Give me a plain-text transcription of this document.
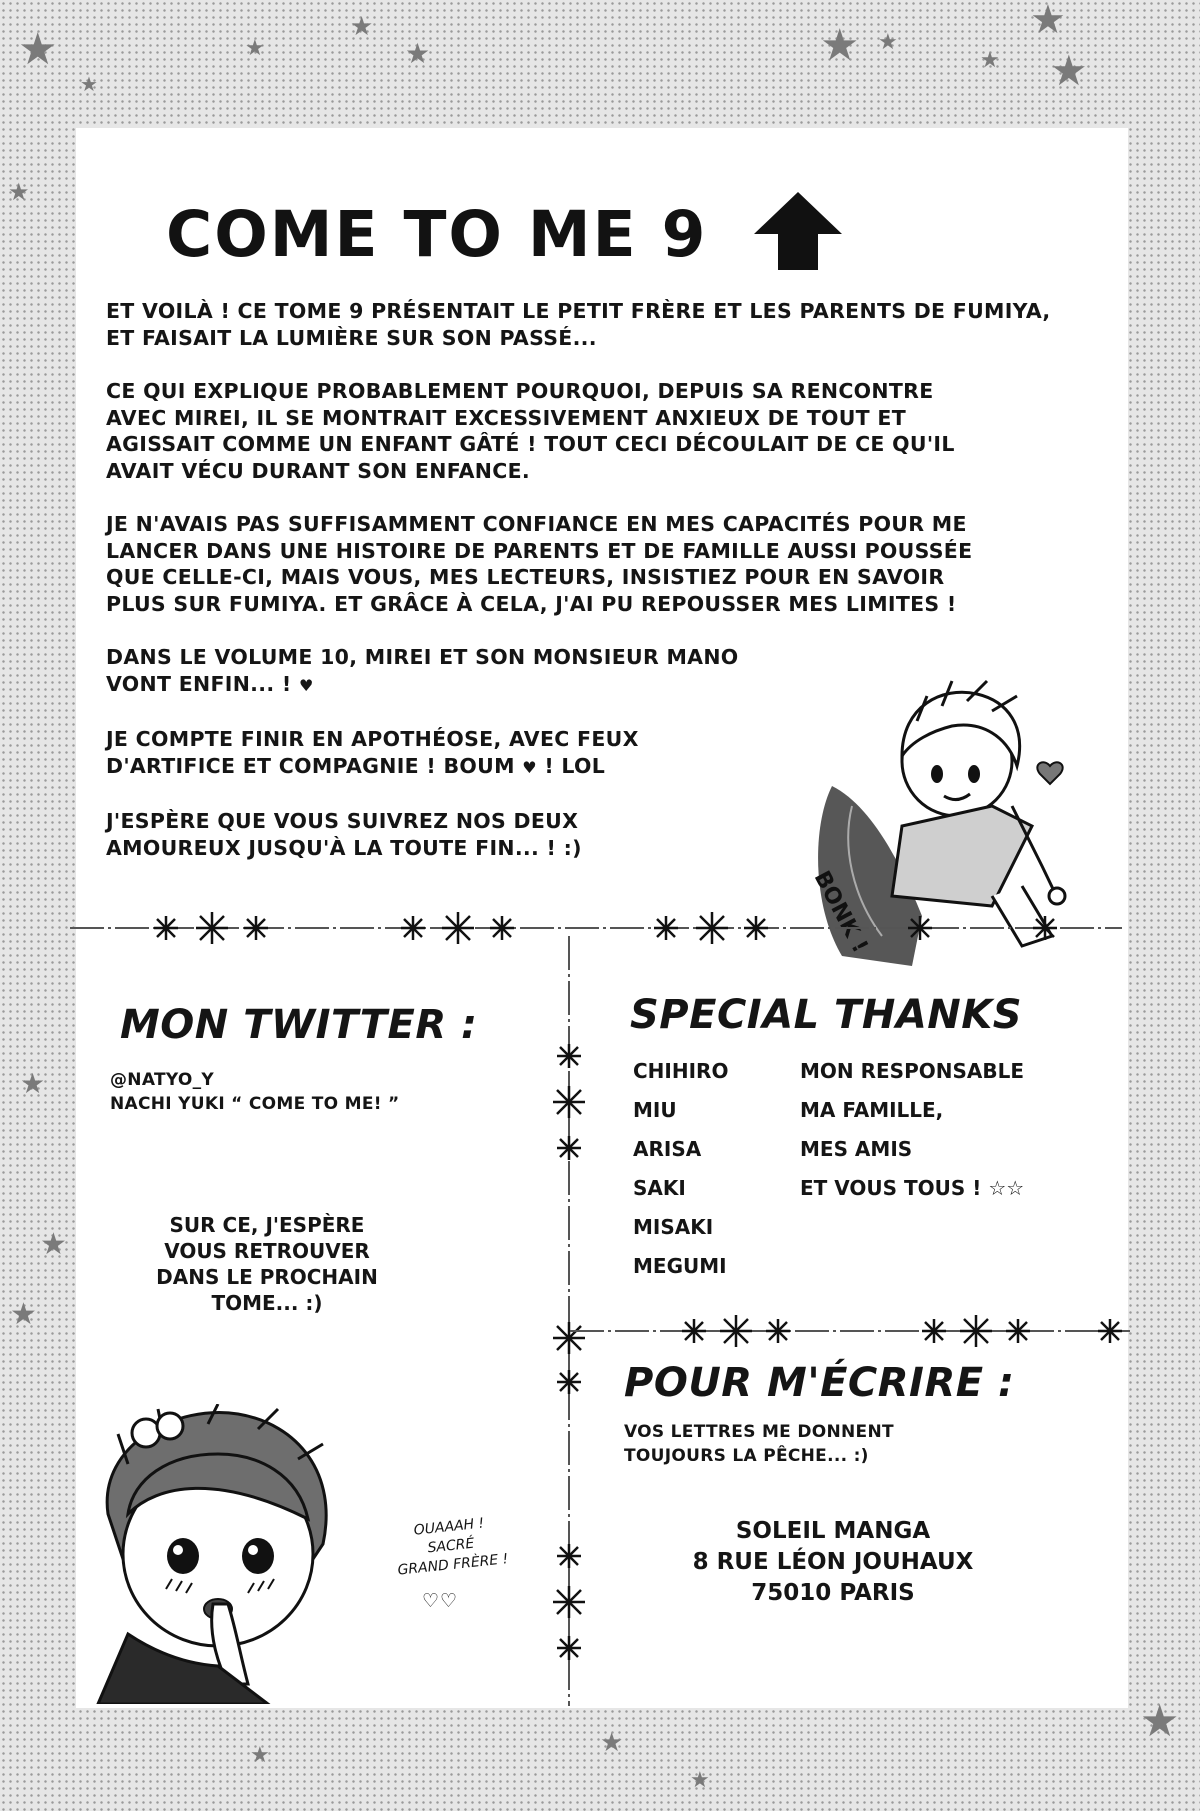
★
★
★
★
★	★ ★	★
★
★
★
★
★
★
★
★
★
★
COME TO ME 9

ET VOILÀ ! CE TOME 9 PRÉSENTAIT LE PETIT FRÈRE ET LES PARENTS DE FUMIYA, ET FAISAIT LA LUMIÈRE SUR SON PASSÉ...

CE QUI EXPLIQUE PROBABLEMENT POURQUOI, DEPUIS SA RENCONTRE AVEC MIREI, IL SE MONTRAIT EXCESSIVEMENT ANXIEUX DE TOUT ET AGISSAIT COMME UN ENFANT GÂTÉ ! TOUT CECI DÉCOULAIT DE CE QU'IL AVAIT VÉCU DURANT SON ENFANCE.

JE N'AVAIS PAS SUFFISAMMENT CONFIANCE EN MES CAPACITÉS POUR ME LANCER DANS UNE HISTOIRE DE PARENTS ET DE FAMILLE AUSSI POUSSÉE QUE CELLE-CI, MAIS VOUS, MES LECTEURS, INSISTIEZ POUR EN SAVOIR PLUS SUR FUMIYA. ET GRÂCE À CELA, J'AI PU REPOUSSER MES LIMITES !

DANS LE VOLUME 10, MIREI ET SON MONSIEUR MANO VONT ENFIN... ! ♥

JE COMPTE FINIR EN APOTHÉOSE, AVEC FEUX D'ARTIFICE ET COMPAGNIE ! BOUM ♥ ! LOL

J'ESPÈRE QUE VOUS SUIVREZ NOS DEUX AMOUREUX JUSQU'À LA TOUTE FIN... ! :)

BONK !
MON TWITTER :
@NATYO_Y
NACHI YUKI “ COME TO ME! ”
SUR CE, J'ESPÈRE
VOUS RETROUVER
DANS LE PROCHAIN
TOME... :)
OUAAAH !
SACRÉ
GRAND FRÈRE !
♡♡
SPECIAL THANKS
CHIHIRO
MIU
ARISA
SAKI
MISAKI
MEGUMI
MON RESPONSABLE
MA FAMILLE,
MES AMIS
ET VOUS TOUS ! ☆☆
POUR M'ÉCRIRE :
VOS LETTRES ME DONNENT
TOUJOURS LA PÊCHE... :)
SOLEIL MANGA
8 RUE LÉON JOUHAUX
75010 PARIS
